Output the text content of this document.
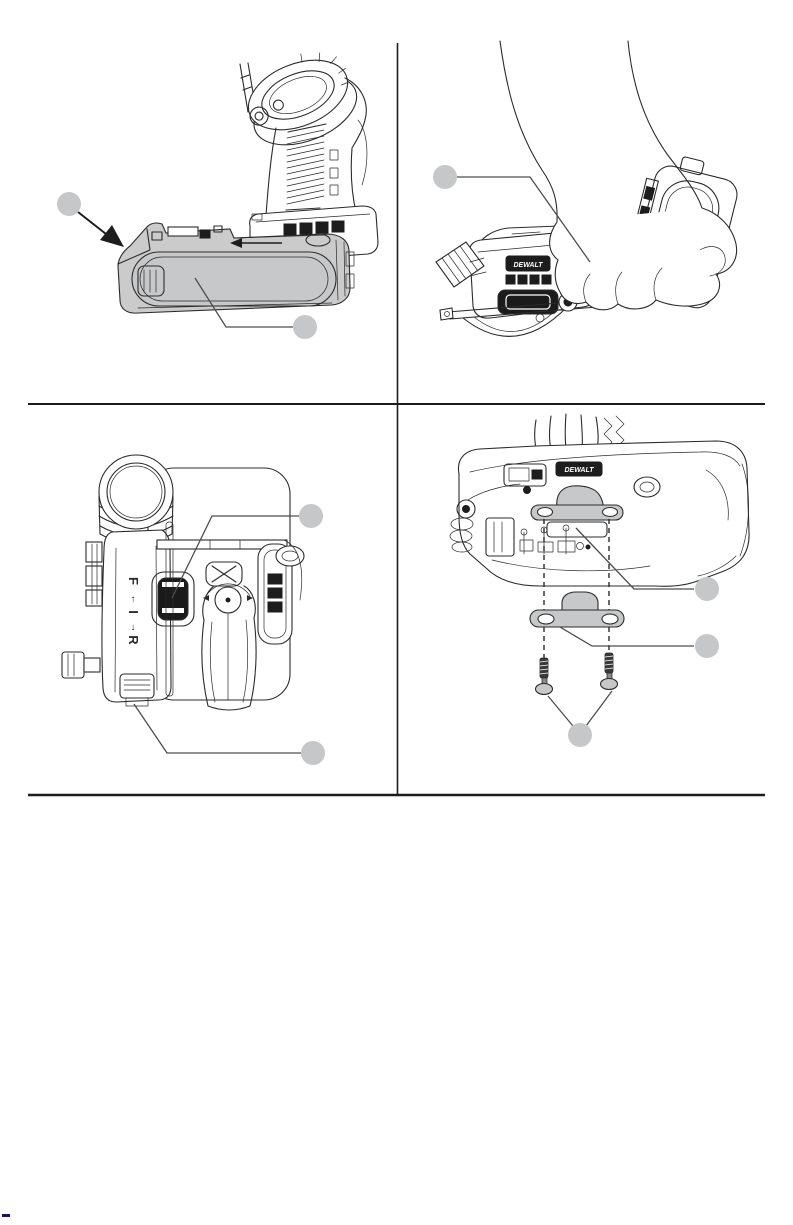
DEWALT
F
↑
I
↓
R
DEWALT
